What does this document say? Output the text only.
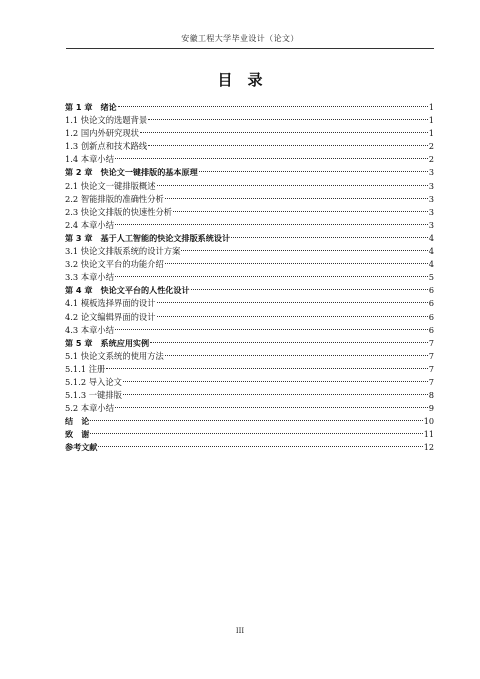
安徽工程大学毕业设计（论文）
目　录
第 1 章　绪论	1
1.1 快论文的选题背景	1
1.2 国内外研究现状	1
1.3 创新点和技术路线	2
1.4 本章小结	2
第 2 章　快论文一键排版的基本原理	3
2.1 快论文一键排版概述	3
2.2 智能排版的准确性分析	3
2.3 快论文排版的快速性分析	3
2.4 本章小结	3
第 3 章　基于人工智能的快论文排版系统设计	4
3.1 快论文排版系统的设计方案	4
3.2 快论文平台的功能介绍	4
3.3 本章小结	5
第 4 章　快论文平台的人性化设计	6
4.1 模板选择界面的设计	6
4.2 论文编辑界面的设计	6
4.3 本章小结	6
第 5 章　系统应用实例	7
5.1 快论文系统的使用方法	7
5.1.1 注册	7
5.1.2 导入论文	7
5.1.3 一键排版	8
5.2 本章小结	9
结　论	10
致　谢	11
参考文献	12
III
